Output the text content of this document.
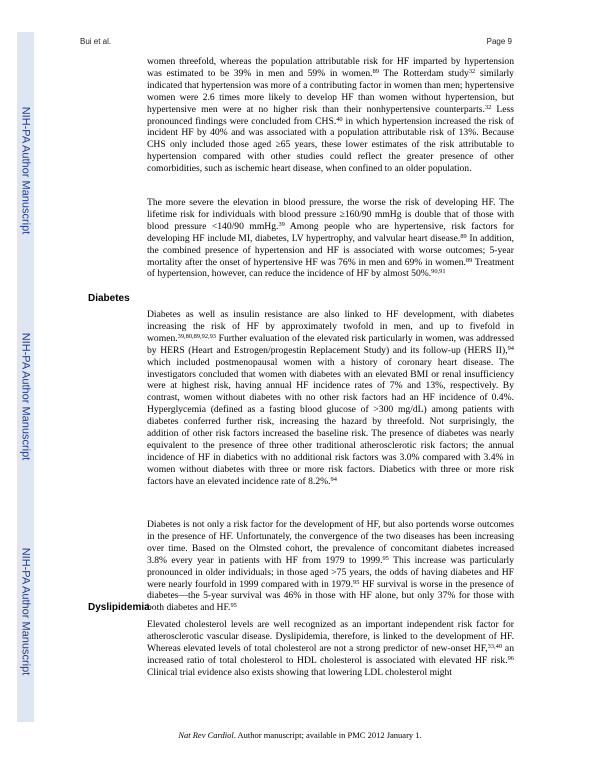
NIH-PA Author Manuscript
NIH-PA Author Manuscript
NIH-PA Author Manuscript
Bui et al.	Page 9

women threefold, whereas the population attributable risk for HF imparted by hypertension was estimated to be 39% in men and 59% in women.$^{89}$ The Rotterdam study$^{32}$ similarly indicated that hypertension was more of a contributing factor in women than men; hypertensive women were 2.6 times more likely to develop HF than women without hypertension, but hypertensive men were at no higher risk than their nonhypertensive counterparts.$^{32}$ Less pronounced findings were concluded from CHS.$^{40}$ in which hypertension increased the risk of incident HF by 40% and was associated with a population attributable risk of 13%. Because CHS only included those aged ≥65 years, these lower estimates of the risk attributable to hypertension compared with other studies could reflect the greater presence of other comorbidities, such as ischemic heart disease, when confined to an older population.

The more severe the elevation in blood pressure, the worse the risk of developing HF. The lifetime risk for individuals with blood pressure ≥160/90 mmHg is double that of those with blood pressure <140/90 mmHg.$^{39}$ Among people who are hypertensive, risk factors for developing HF include MI, diabetes, LV hypertrophy, and valvular heart disease.$^{89}$ In addition, the combined presence of hypertension and HF is associated with worse outcomes; 5-year mortality after the onset of hypertensive HF was 76% in men and 69% in women.$^{89}$ Treatment of hypertension, however, can reduce the incidence of HF by almost 50%.$^{90,91}$

Diabetes

Diabetes as well as insulin resistance are also linked to HF development, with diabetes increasing the risk of HF by approximately twofold in men, and up to fivefold in women.$^{39,80,89,92,93}$ Further evaluation of the elevated risk particularly in women, was addressed by HERS (Heart and Estrogen/progestin Replacement Study) and its follow-up (HERS II),$^{94}$ which included postmenopausal women with a history of coronary heart disease. The investigators concluded that women with diabetes with an elevated BMI or renal insufficiency were at highest risk, having annual HF incidence rates of 7% and 13%, respectively. By contrast, women without diabetes with no other risk factors had an HF incidence of 0.4%. Hyperglycemia (defined as a fasting blood glucose of >300 mg/dL) among patients with diabetes conferred further risk, increasing the hazard by threefold. Not surprisingly, the addition of other risk factors increased the baseline risk. The presence of diabetes was nearly equivalent to the presence of three other traditional atherosclerotic risk factors; the annual incidence of HF in diabetics with no additional risk factors was 3.0% compared with 3.4% in women without diabetes with three or more risk factors. Diabetics with three or more risk factors have an elevated incidence rate of 8.2%.$^{94}$

Diabetes is not only a risk factor for the development of HF, but also portends worse outcomes in the presence of HF. Unfortunately, the convergence of the two diseases has been increasing over time. Based on the Olmsted cohort, the prevalence of concomitant diabetes increased 3.8% every year in patients with HF from 1979 to 1999.95 This increase was particularly pronounced in older individuals; in those aged >75 years, the odds of having diabetes and HF were nearly fourfold in 1999 compared with in 1979.95 HF survival is worse in the presence of diabetes—the 5-year survival was 46% in those with HF alone, but only 37% for those with both diabetes and HF.$^{95}$

Dyslipidemia

Elevated cholesterol levels are well recognized as an important independent risk factor for atherosclerotic vascular disease. Dyslipidemia, therefore, is linked to the development of HF. Whereas elevated levels of total cholesterol are not a strong predictor of new-onset HF,$^{33,40}$ an increased ratio of total cholesterol to HDL cholesterol is associated with elevated HF risk.$^{96}$ Clinical trial evidence also exists showing that lowering LDL cholesterol might

Nat Rev Cardiol. Author manuscript; available in PMC 2012 January 1.
